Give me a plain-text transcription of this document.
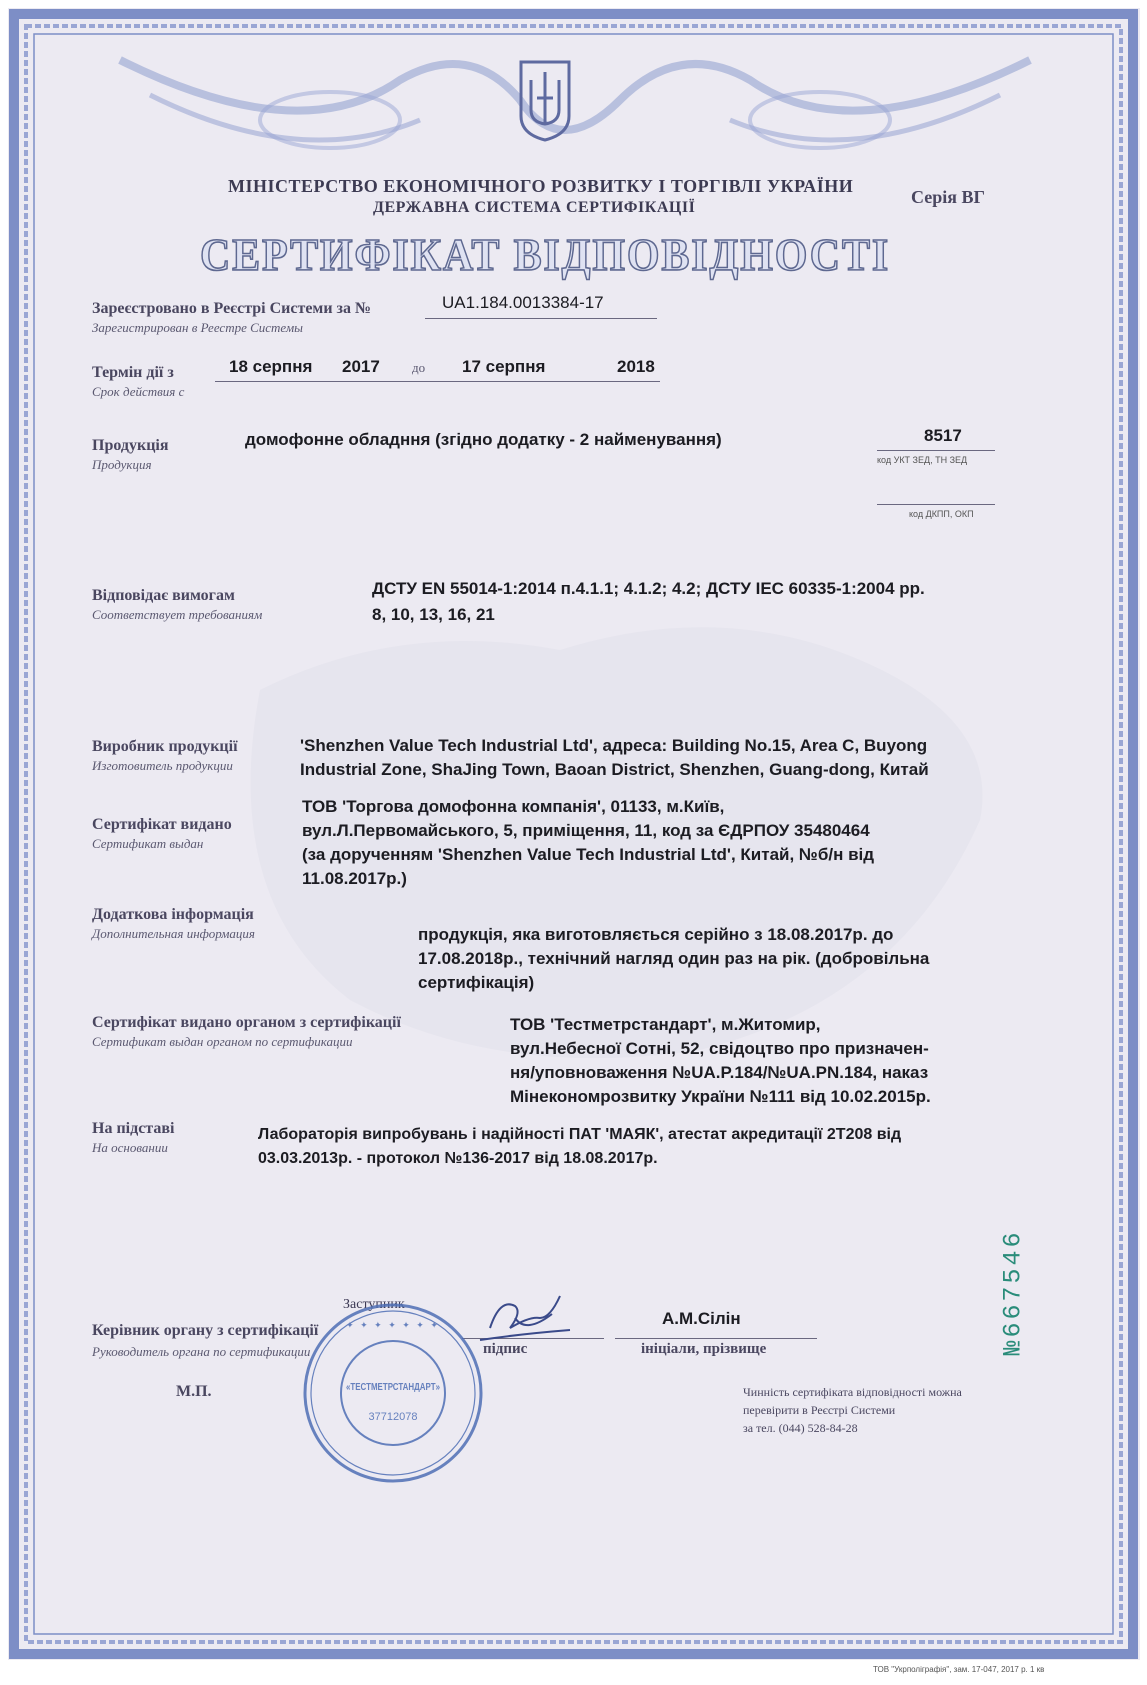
МІНІСТЕРСТВО ЕКОНОМІЧНОГО РОЗВИТКУ І ТОРГІВЛІ УКРАЇНИ
ДЕРЖАВНА СИСТЕМА СЕРТИФІКАЦІЇ
Серія ВГ
СЕРТИФІКАТ ВІДПОВІДНОСТІ
Зареєстровано в Реєстрі Системи за №
Зарегистрирован в Реестре Системы
UA1.184.0013384-17
Термін дії з
Срок действия с
18 серпня 2017 до 17 серпня	2018
Продукція
Продукция
домофонне обладння (згідно додатку - 2 найменування)	8517
код УКТ ЗЕД, ТН ЗЕД
код ДКПП, ОКП
Відповідає вимогам
Соответствует требованиям
ДСТУ EN 55014-1:2014 п.4.1.1; 4.1.2; 4.2; ДСТУ IEC 60335-1:2004 рр.
8, 10, 13, 16, 21
Виробник продукції
Изготовитель продукции
'Shenzhen Value Tech Industrial Ltd', адреса: Building No.15, Area C, Buyong
Industrial Zone, ShaJing Town, Baoan District, Shenzhen, Guang-dong, Китай
Сертифікат видано
Сертификат выдан
ТОВ 'Торгова домофонна компанія', 01133, м.Київ,
вул.Л.Первомайського, 5, приміщення, 11, код за ЄДРПОУ 35480464
(за дорученням 'Shenzhen Value Tech Industrial Ltd', Китай, №б/н від
11.08.2017р.)
Додаткова інформація
Дополнительная информация	продукція, яка виготовляється серійно з 18.08.2017р. до
17.08.2018р., технічний нагляд один раз на рік. (добровільна
сертифікація)
Сертифікат видано органом з сертифікації
Сертификат выдан органом по сертификации
ТОВ 'Тестметрстандарт', м.Житомир,
вул.Небесної Сотні, 52, свідоцтво про призначен-
ня/уповноваження №UA.P.184/№UA.PN.184, наказ
Мінекономрозвитку України №111 від 10.02.2015р.
На підставі
На основании
Лабораторія випробувань і надійності ПАТ 'МАЯК', атестат акредитації 2Т208 від
03.03.2013р. - протокол №136-2017 від 18.08.2017р.
№667546
Заступник
Керівник органу з сертифікації
Руководитель органа по сертификации	підпис
А.М.Сілін
ініціали, прізвище
М.П.
✦ ✦ ✦ ✦ ✦ ✦ ✦
«ТЕСТМЕТРСТАНДАРТ»
37712078
Чинність сертифіката відповідності можна
перевірити в Реєстрі Системи
за тел. (044) 528-84-28
ТОВ "Укрполіграфія", зам. 17-047, 2017 р. 1 кв
